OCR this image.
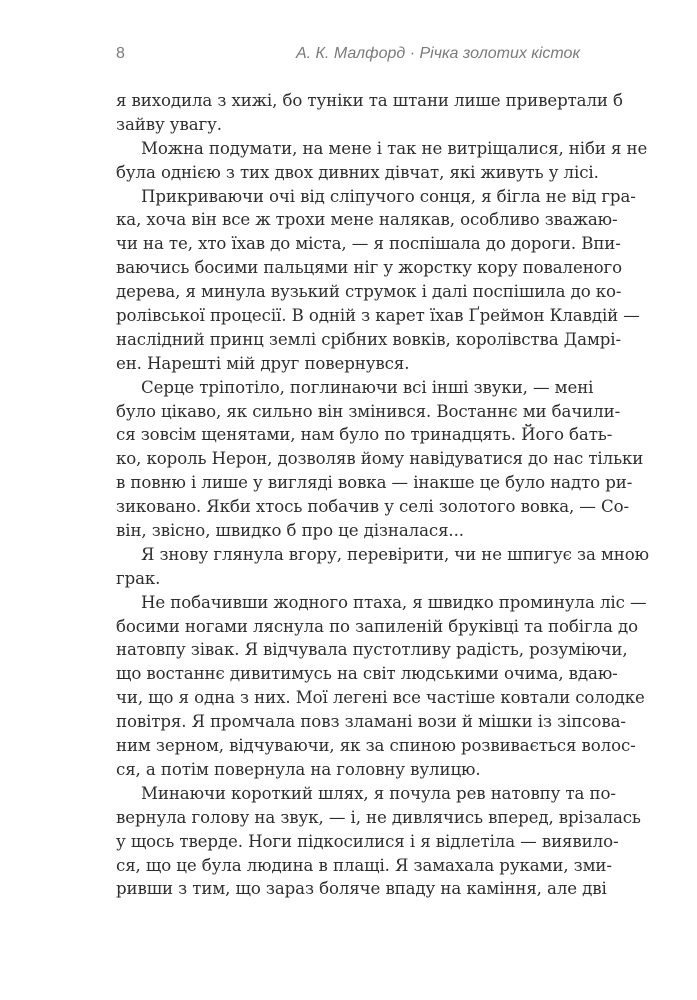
8	А. К. Малфорд · Річка золотих кісток
я виходила з хижі, бо туніки та штани лише привертали б
зайву увагу.
Можна подумати, на мене і так не витріщалися, ніби я не
була однією з тих двох дивних дівчат, які живуть у лісі.
Прикриваючи очі від сліпучого сонця, я бігла не від гра-
ка, хоча він все ж трохи мене налякав, особливо зважаю-
чи на те, хто їхав до міста, — я поспішала до дороги. Впи-
ваючись босими пальцями ніг у жорстку кору поваленого
дерева, я минула вузький струмок і далі поспішила до ко-
ролівської процесії. В одній з карет їхав Ґреймон Клавдій —
наслідний принц землі срібних вовків, королівства Дамрі-
ен. Нарешті мій друг повернувся.
Серце тріпотіло, поглинаючи всі інші звуки, — мені
було цікаво, як сильно він змінився. Востаннє ми бачили-
ся зовсім щенятами, нам було по тринадцять. Його бать-
ко, король Нерон, дозволяв йому навідуватися до нас тільки
в повню і лише у вигляді вовка — інакше це було надто ри-
зиковано. Якби хтось побачив у селі золотого вовка, — Со-
він, звісно, швидко б про це дізналася...
Я знову глянула вгору, перевірити, чи не шпигує за мною
грак.
Не побачивши жодного птаха, я швидко проминула ліс —
босими ногами ляснула по запиленій бруківці та побігла до
натовпу зівак. Я відчувала пустотливу радість, розуміючи,
що востаннє дивитимусь на світ людськими очима, вдаю-
чи, що я одна з них. Мої легені все частіше ковтали солодке
повітря. Я промчала повз зламані вози й мішки із зіпсова-
ним зерном, відчуваючи, як за спиною розвивається волос-
ся, а потім повернула на головну вулицю.
Минаючи короткий шлях, я почула рев натовпу та по-
вернула голову на звук, — і, не дивлячись вперед, врізалась
у щось тверде. Ноги підкосилися і я відлетіла — виявило-
ся, що це була людина в плащі. Я замахала руками, зми-
ривши з тим, що зараз боляче впаду на каміння, але дві
